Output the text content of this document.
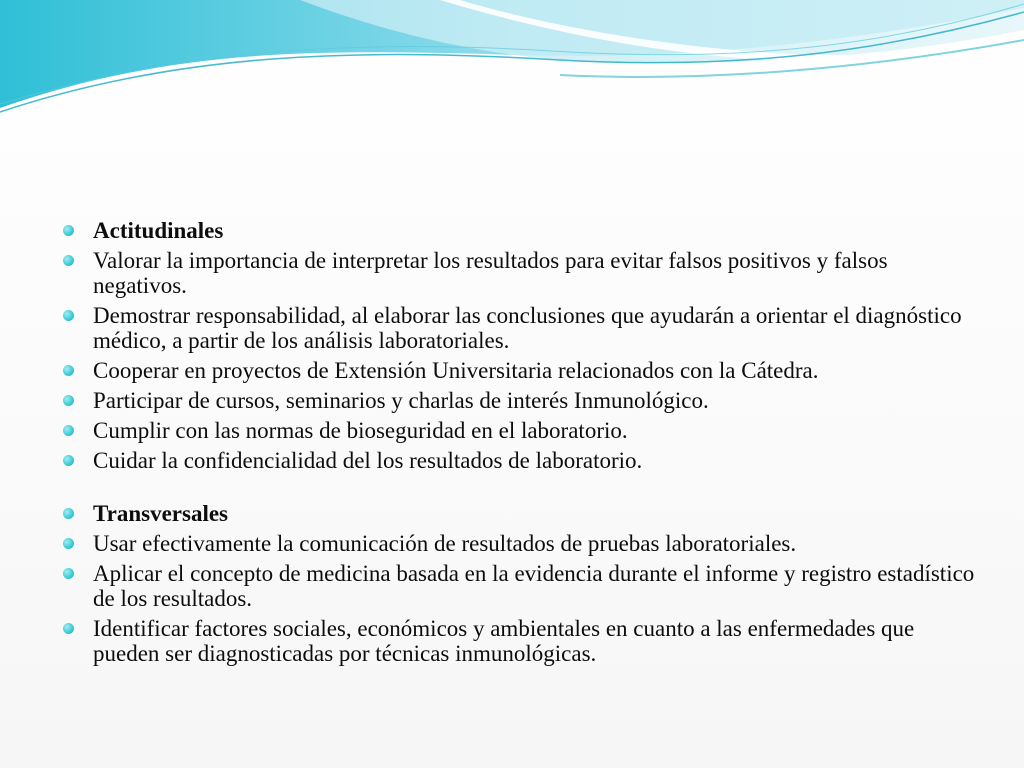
Actitudinales
Valorar la importancia de interpretar los resultados para evitar falsos positivos y falsos negativos.
Demostrar responsabilidad, al elaborar las conclusiones que ayudarán a orientar el diagnóstico médico, a partir de los análisis laboratoriales.
Cooperar en proyectos de Extensión Universitaria relacionados con la Cátedra.
Participar de cursos, seminarios y charlas de interés Inmunológico.
Cumplir con las normas de bioseguridad en el laboratorio.
Cuidar la confidencialidad del los resultados de laboratorio.
Transversales
Usar efectivamente la comunicación de resultados de pruebas laboratoriales.
Aplicar el concepto de medicina basada en la evidencia durante el informe y registro estadístico de los resultados.
Identificar factores sociales, económicos y ambientales en cuanto a las enfermedades que pueden ser diagnosticadas por técnicas inmunológicas.
